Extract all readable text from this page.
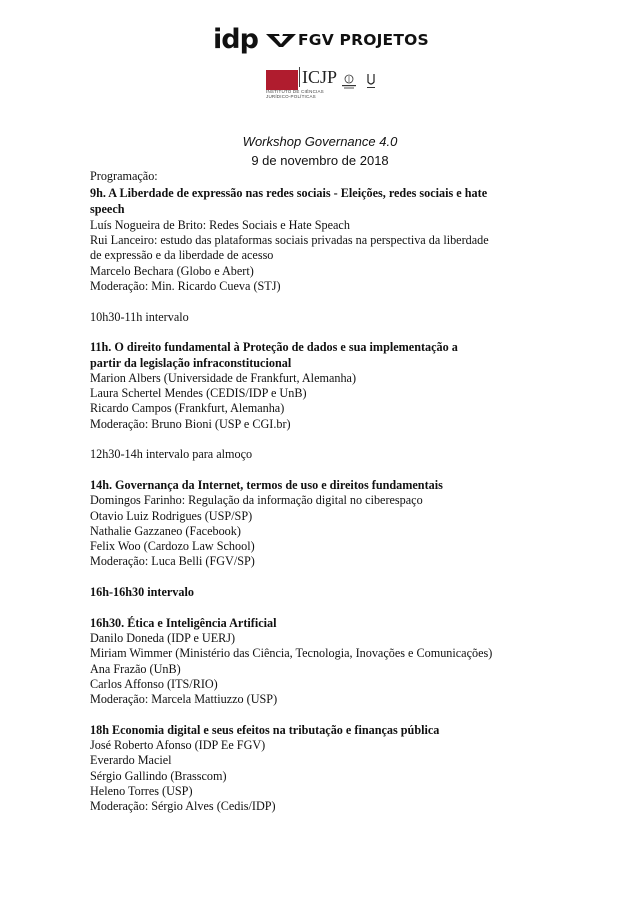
idp	FGV PROJETOS
ICJP
INSTITUTO DE CIÊNCIAS JURÍDICO-POLÍTICAS
Workshop Governance 4.0
9 de novembro de 2018

Programação:

9h. A Liberdade de expressão nas redes sociais - Eleições, redes sociais e hate

speech

Luís Nogueira de Brito: Redes Sociais e Hate Speach

Rui Lanceiro: estudo das plataformas sociais privadas na perspectiva da liberdade

de expressão e da liberdade de acesso

Marcelo Bechara (Globo e Abert)

Moderação: Min. Ricardo Cueva (STJ)

10h30-11h intervalo

11h. O direito fundamental à Proteção de dados e sua implementação a

partir da legislação infraconstitucional

Marion Albers (Universidade de Frankfurt, Alemanha)

Laura Schertel Mendes (CEDIS/IDP e UnB)

Ricardo Campos (Frankfurt, Alemanha)

Moderação: Bruno Bioni (USP e CGI.br)

12h30-14h intervalo para almoço

14h. Governança da Internet, termos de uso e direitos fundamentais

Domingos Farinho: Regulação da informação digital no ciberespaço

Otavio Luiz Rodrigues (USP/SP)

Nathalie Gazzaneo (Facebook)

Felix Woo (Cardozo Law School)

Moderação: Luca Belli (FGV/SP)

16h-16h30 intervalo

16h30. Ética e Inteligência Artificial

Danilo Doneda (IDP e UERJ)

Miriam Wimmer (Ministério das Ciência, Tecnologia, Inovações e Comunicações)

Ana Frazão (UnB)

Carlos Affonso (ITS/RIO)

Moderação: Marcela Mattiuzzo (USP)

18h Economia digital e seus efeitos na tributação e finanças pública

José Roberto Afonso (IDP Ee FGV)

Everardo Maciel

Sérgio Gallindo (Brasscom)

Heleno Torres (USP)

Moderação: Sérgio Alves (Cedis/IDP)
